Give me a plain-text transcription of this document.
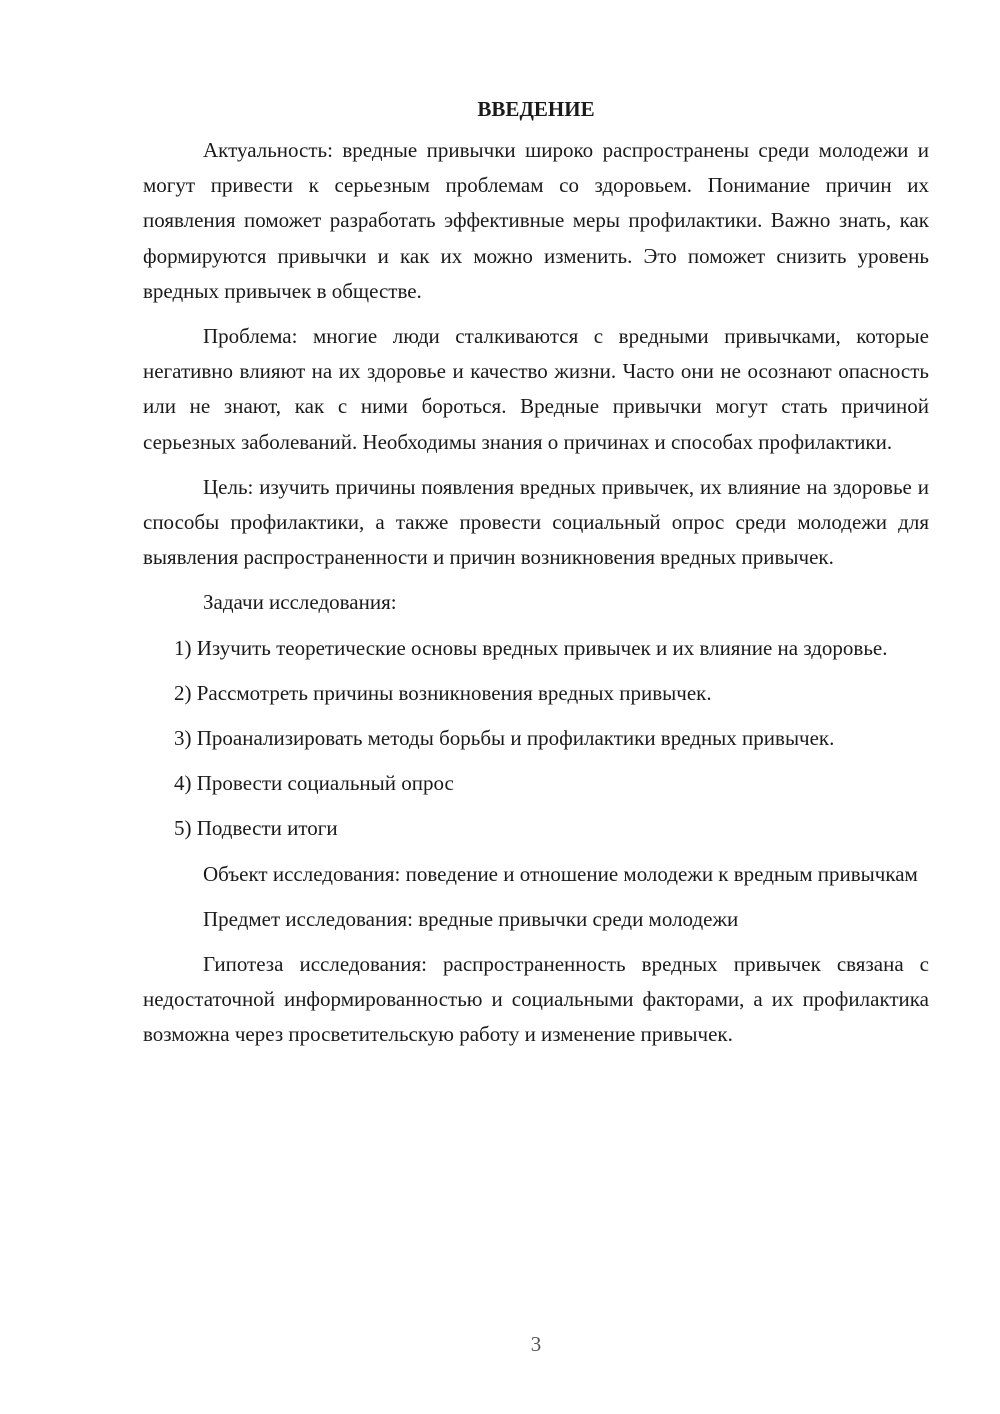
ВВЕДЕНИЕ

Актуальность: вредные привычки широко распространены среди молодежи и могут привести к серьезным проблемам со здоровьем. Понимание причин их появления поможет разработать эффективные меры профилактики. Важно знать, как формируются привычки и как их можно изменить. Это поможет снизить уровень вредных привычек в обществе.

Проблема: многие люди сталкиваются с вредными привычками, которые негативно влияют на их здоровье и качество жизни. Часто они не осознают опасность или не знают, как с ними бороться. Вредные привычки могут стать причиной серьезных заболеваний. Необходимы знания о причинах и способах профилактики.

Цель: изучить причины появления вредных привычек, их влияние на здоровье и способы профилактики, а также провести социальный опрос среди молодежи для выявления распространенности и причин возникновения вредных привычек.

Задачи исследования:

1) Изучить теоретические основы вредных привычек и их влияние на здоровье.

2) Рассмотреть причины возникновения вредных привычек.

3) Проанализировать методы борьбы и профилактики вредных привычек.

4) Провести социальный опрос

5) Подвести итоги

Объект исследования: поведение и отношение молодежи к вредным привычкам

Предмет исследования: вредные привычки среди молодежи

Гипотеза исследования: распространенность вредных привычек связана с недостаточной информированностью и социальными факторами, а их профилактика возможна через просветительскую работу и изменение привычек.

3
